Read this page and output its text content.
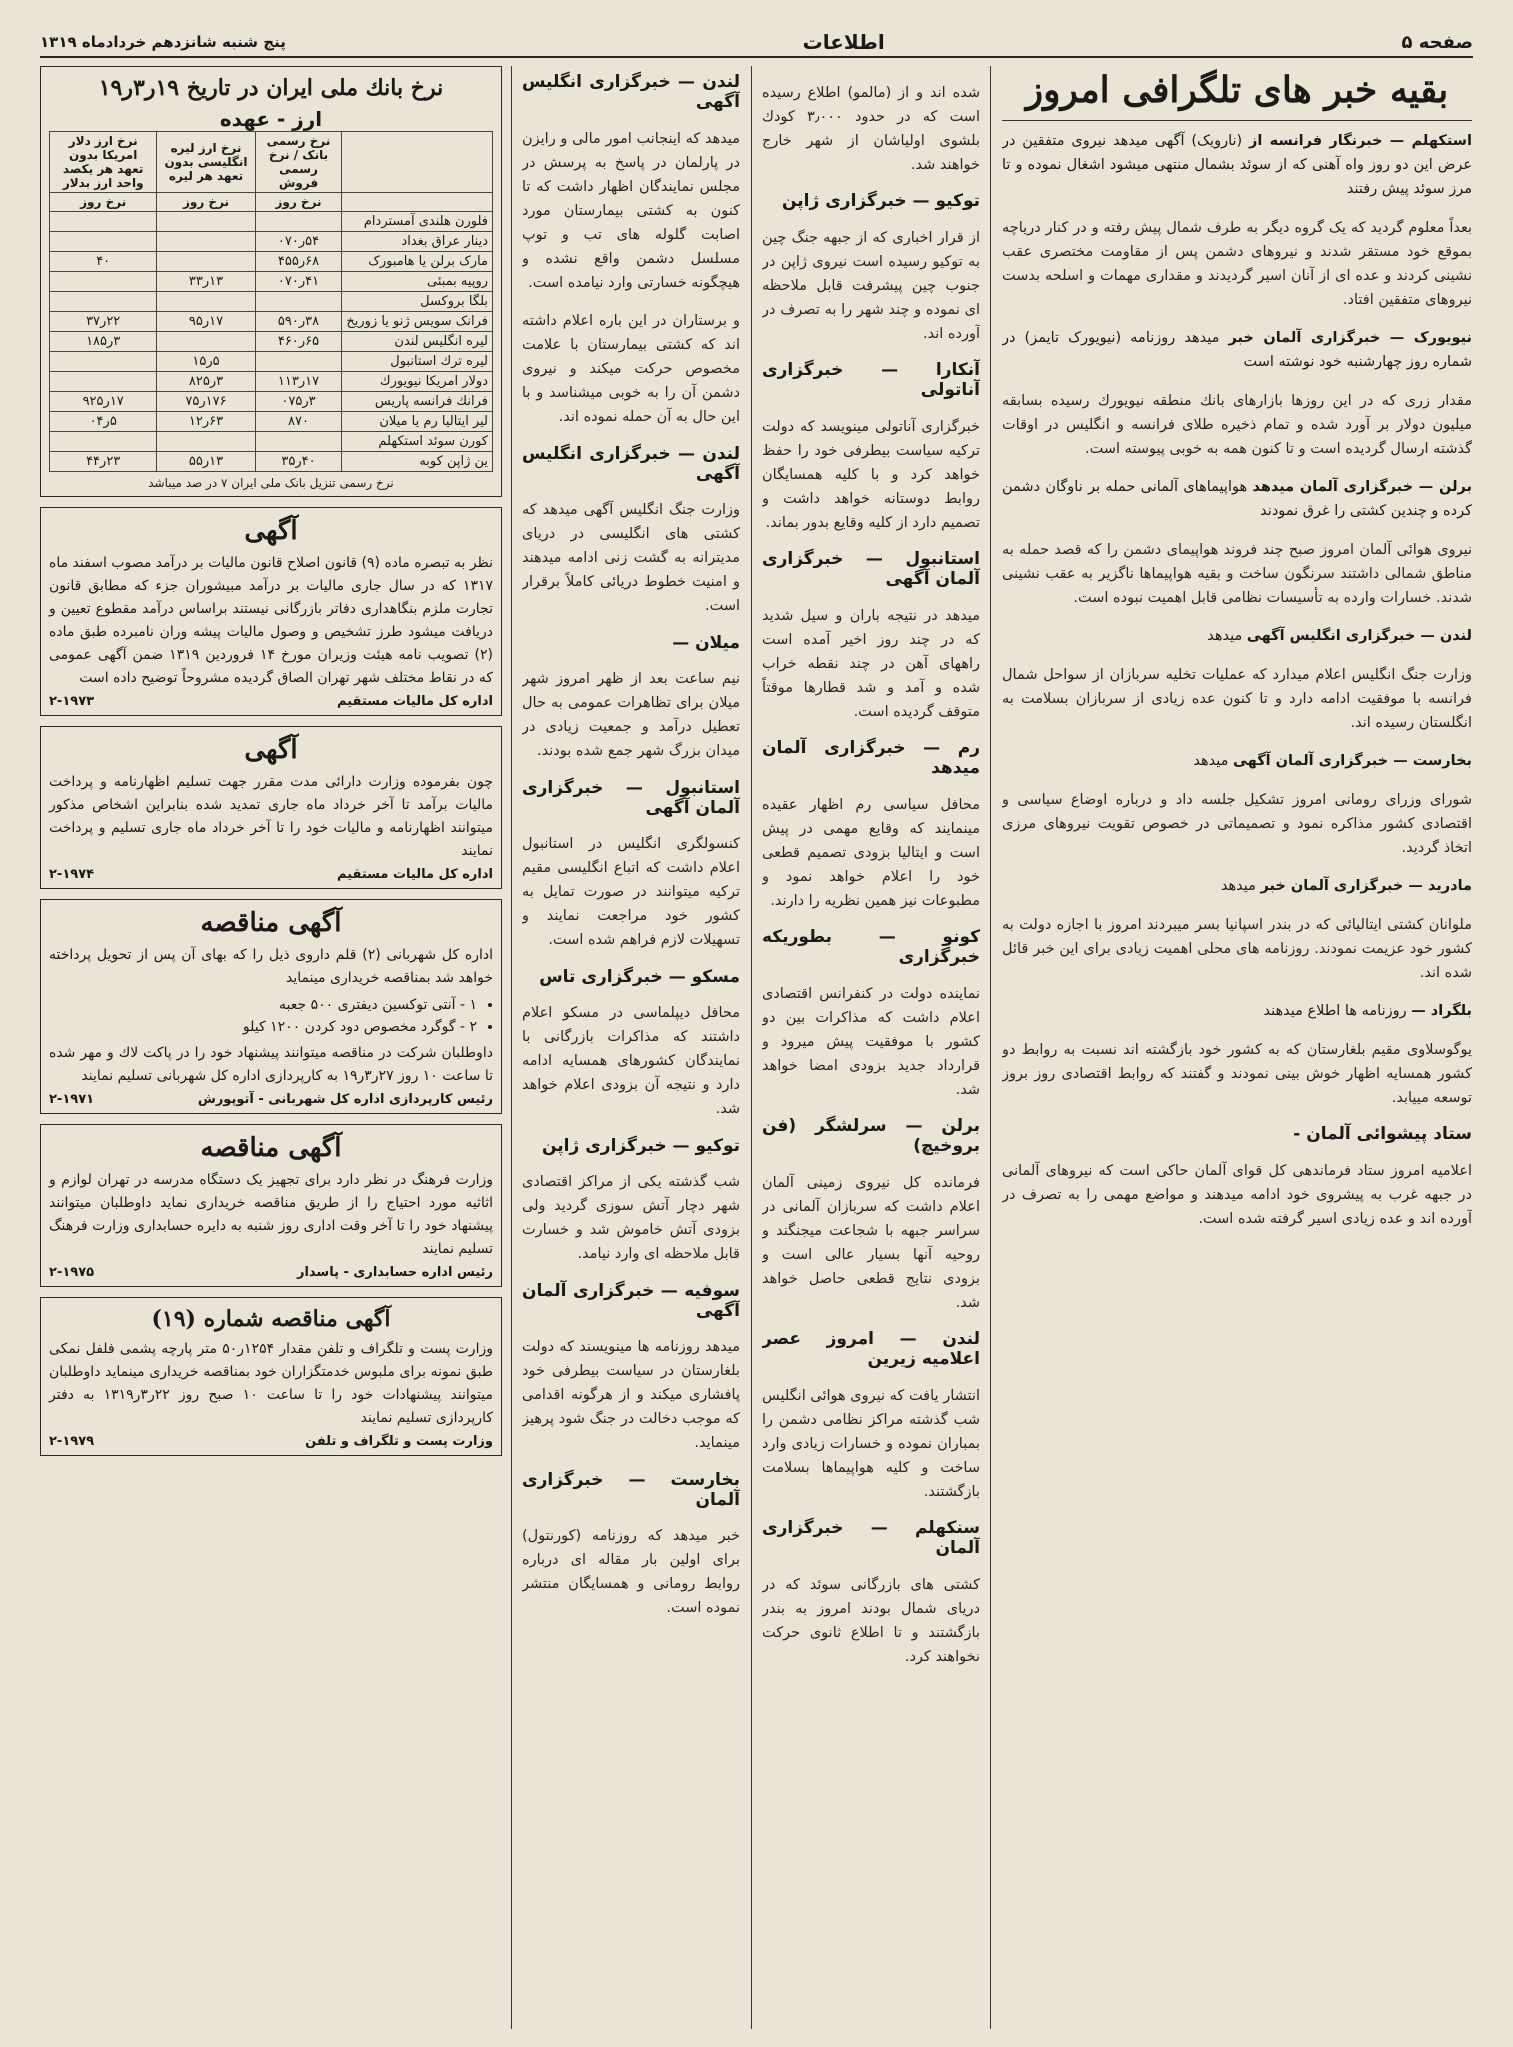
صفحه ۵
اطلاعات
پنج شنبه شانزدهم خردادماه ۱۳۱۹
بقیه خبر های تلگرافی امروز

استکهلم — خبرنگار فرانسه از (نارویک) آگهی میدهد نیروی متفقین در عرض این دو روز واه آهنی که از سوئد بشمال منتهی میشود اشغال نموده و تا مرز سوئد پیش رفتند

بعداً معلوم گردید که یک گروه دیگر به طرف شمال پیش رفته و در کنار دریاچه بموقع خود مستقر شدند و نیروهای دشمن پس از مقاومت مختصری عقب نشینی کردند و عده ای از آنان اسیر گردیدند و مقداری مهمات و اسلحه بدست نیروهای متفقین افتاد.

نیویورک — خبرگزاری آلمان خبر میدهد روزنامه (نیویورک تایمز) در شماره روز چهارشنبه خود نوشته است

مقدار زری که در این روزها بازارهای بانك منطقه نیویورك رسیده بسابقه میلیون دولار بر آورد شده و تمام ذخیره طلای فرانسه و انگلیس در اوقات گذشته ارسال گردیده است و تا کنون همه به خوبی پیوسته است.

برلن — خبرگزاری آلمان میدهد هواپیماهای آلمانی حمله بر ناوگان دشمن کرده و چندین کشتی را غرق نمودند

نیروی هوائی آلمان امروز صبح چند فروند هواپیمای دشمن را که قصد حمله به مناطق شمالی داشتند سرنگون ساخت و بقیه هواپیماها ناگزیر به عقب نشینی شدند. خسارات وارده به تأسیسات نظامی قابل اهمیت نبوده است.

لندن — خبرگزاری انگلیس آگهی میدهد

وزارت جنگ انگلیس اعلام میدارد که عملیات تخلیه سربازان از سواحل شمال فرانسه با موفقیت ادامه دارد و تا کنون عده زیادی از سربازان بسلامت به انگلستان رسیده اند.

بخارست — خبرگزاری آلمان آگهی میدهد

شورای وزرای رومانی امروز تشکیل جلسه داد و درباره اوضاع سیاسی و اقتصادی کشور مذاکره نمود و تصمیماتی در خصوص تقویت نیروهای مرزی اتخاذ گردید.

مادرید — خبرگزاری آلمان خبر میدهد

ملوانان کشتی ایتالیائی که در بندر اسپانیا بسر میبردند امروز با اجازه دولت به کشور خود عزیمت نمودند. روزنامه های محلی اهمیت زیادی برای این خبر قائل شده اند.

بلگراد — روزنامه ها اطلاع میدهند

یوگوسلاوی مقیم بلغارستان که به کشور خود بازگشته اند نسبت به روابط دو کشور همسایه اظهار خوش بینی نمودند و گفتند که روابط اقتصادی روز بروز توسعه مییابد.

ستاد پیشوائی آلمان -

اعلامیه امروز ستاد فرماندهی کل قوای آلمان حاکی است که نیروهای آلمانی در جبهه غرب به پیشروی خود ادامه میدهند و مواضع مهمی را به تصرف در آورده اند و عده زیادی اسیر گرفته شده است.

شده اند و از (مالمو) اطلاع رسیده است که در حدود ۳٫۰۰۰ کودك بلشوی اولیاشان از شهر خارج خواهند شد.

توکیو — خبرگزاری ژاپن

از قرار اخباری که از جبهه جنگ چین به توکیو رسیده است نیروی ژاپن در جنوب چین پیشرفت قابل ملاحظه ای نموده و چند شهر را به تصرف در آورده اند.

آنکارا — خبرگزاری آناتولی

خبرگزاری آناتولی مینویسد که دولت ترکیه سیاست بیطرفی خود را حفظ خواهد کرد و با کلیه همسایگان روابط دوستانه خواهد داشت و تصمیم دارد از کلیه وقایع بدور بماند.

استانبول — خبرگزاری آلمان آگهی

میدهد در نتیجه باران و سیل شدید که در چند روز اخیر آمده است راههای آهن در چند نقطه خراب شده و آمد و شد قطارها موقتاً متوقف گردیده است.

رم — خبرگزاری آلمان میدهد

محافل سیاسی رم اظهار عقیده مینمایند که وقایع مهمی در پیش است و ایتالیا بزودی تصمیم قطعی خود را اعلام خواهد نمود و مطبوعات نیز همین نظریه را دارند.

کونو — بطوریکه خبرگزاری

نماینده دولت در کنفرانس اقتصادی اعلام داشت که مذاکرات بین دو کشور با موفقیت پیش میرود و قرارداد جدید بزودی امضا خواهد شد.

برلن — سرلشگر (فن بروخیچ)

فرمانده کل نیروی زمینی آلمان اعلام داشت که سربازان آلمانی در سراسر جبهه با شجاعت میجنگند و روحیه آنها بسیار عالی است و بزودی نتایج قطعی حاصل خواهد شد.

لندن — امروز عصر اعلامیه زیرین

انتشار یافت که نیروی هوائی انگلیس شب گذشته مراکز نظامی دشمن را بمباران نموده و خسارات زیادی وارد ساخت و کلیه هواپیماها بسلامت بازگشتند.

سنکهلم — خبرگزاری آلمان

کشتی های بازرگانی سوئد که در دریای شمال بودند امروز به بندر بازگشتند و تا اطلاع ثانوی حرکت نخواهند کرد.

لندن — خبرگزاری انگلیس آگهی

میدهد که اینجانب امور مالی و رایزن در پارلمان در پاسخ به پرسش در مجلس نمایندگان اظهار داشت که تا کنون به کشتی بیمارستان مورد اصابت گلوله های تب و توپ مسلسل دشمن واقع نشده و هیچگونه خسارتی وارد نیامده است.

و برستاران در این باره اعلام داشته اند که کشتی بیمارستان با علامت مخصوص حرکت میکند و نیروی دشمن آن را به خوبی میشناسد و با این حال به آن حمله نموده اند.

لندن — خبرگزاری انگلیس آگهی

وزارت جنگ انگلیس آگهی میدهد که کشتی های انگلیسی در دریای مدیترانه به گشت زنی ادامه میدهند و امنیت خطوط دریائی کاملاً برقرار است.

میلان —

نیم ساعت بعد از ظهر امروز شهر میلان برای تظاهرات عمومی به حال تعطیل درآمد و جمعیت زیادی در میدان بزرگ شهر جمع شده بودند.

استانبول — خبرگزاری آلمان آگهی

کنسولگری انگلیس در استانبول اعلام داشت که اتباع انگلیسی مقیم ترکیه میتوانند در صورت تمایل به کشور خود مراجعت نمایند و تسهیلات لازم فراهم شده است.

مسکو — خبرگزاری تاس

محافل دیپلماسی در مسکو اعلام داشتند که مذاکرات بازرگانی با نمایندگان کشورهای همسایه ادامه دارد و نتیجه آن بزودی اعلام خواهد شد.

توکیو — خبرگزاری ژاپن

شب گذشته یکی از مراکز اقتصادی شهر دچار آتش سوزی گردید ولی بزودی آتش خاموش شد و خسارت قابل ملاحظه ای وارد نیامد.

سوفیه — خبرگزاری آلمان آگهی

میدهد روزنامه ها مینویسند که دولت بلغارستان در سیاست بیطرفی خود پافشاری میکند و از هرگونه اقدامی که موجب دخالت در جنگ شود پرهیز مینماید.

بخارست — خبرگزاری آلمان

خبر میدهد که روزنامه (کورنتول) برای اولین بار مقاله ای درباره روابط رومانی و همسایگان منتشر نموده است.

نرخ بانك ملی ایران در تاریخ ۱۹ر۳ر۱۹
ارز - عهده
	نرخ رسمی بانک / نرخ رسمی فروش	نرخ ارز لیره انگلیسی بدون تعهد هر لیره	نرخ ارز دلار امریکا بدون تعهد هر یکصد واحد ارز بدلار
	نرخ روز	نرخ روز	نرخ روز
فلورن هلندی آمستردام			
دینار عراق بغداد	۵۴ر۰۷۰		
مارک برلن یا هامبورک	۶۸ر۴۵۵		۴۰
روپیه بمبئی	۴۱ر۰۷۰	۱۳ر۳۳	
بلگا بروکسل			
فرانک سویس ژنو یا زوریخ	۳۸ر۵۹۰	۱۷ر۹۵	۲۲ر۳۷
لیره انگلیس لندن	۶۵ر۴۶۰		۳ر۱۸۵
لیره ترك استانبول		۵ر۱۵	
دولار امریکا نیویورك	۱۷ر۱۱۳	۳ر۸۲۵	
فرانك فرانسه پاریس	۳ر۰۷۵	۱۷۶ر۷۵	۱۷ر۹۲۵
لیر ایتالیا رم یا میلان	۸۷۰	۶۳ر۱۲	۵ر۰۴
کورن سوئد استکهلم			
ین ژاپن کوبه	۴۰ر۳۵	۱۳ر۵۵	۲۳ر۴۴
نرخ رسمی تنزیل بانک ملی ایران ۷ در صد میباشد
آگهی
نظر به تبصره ماده (۹) قانون اصلاح قانون مالیات بر درآمد مصوب اسفند ماه ۱۳۱۷ که در سال جاری مالیات بر درآمد مبیشوران جزء که مطابق قانون تجارت ملزم بنگاهداری دفاتر بازرگانی نیستند براساس درآمد مقطوع تعیین و دریافت میشود طرز تشخیص و وصول مالیات پیشه وران نامبرده طبق ماده (۲) تصویب نامه هیئت وزیران مورخ ۱۴ فروردین ۱۳۱۹ ضمن آگهی عمومی که در نقاط مختلف شهر تهران الصاق گردیده مشروحاً توضیح داده است
اداره کل مالیات مستقیم
۲-۱۹۷۳
آگهی
چون بفرموده وزارت دارائی مدت مقرر جهت تسلیم اظهارنامه و پرداخت مالیات برآمد تا آخر خرداد ماه جاری تمدید شده بنابراین اشخاص مذکور میتوانند اظهارنامه و مالیات خود را تا آخر خرداد ماه جاری تسلیم و پرداخت نمایند
اداره کل مالیات مستقیم
۲-۱۹۷۴
آگهی مناقصه
اداره کل شهربانی (۲) قلم داروی ذیل را که بهای آن پس از تحویل پرداخته خواهد شد بمناقصه خریداری مینماید
• ۱ - آنتی توکسین دیفتری ۵۰۰ جعبه
• ۲ - گوگرد مخصوص دود کردن ۱۲۰۰ کیلو
داوطلبان شرکت در مناقصه میتوانند پیشنهاد خود را در پاکت لاك و مهر شده تا ساعت ۱۰ روز ۲۷ر۳ر۱۹ به کارپردازی اداره کل شهربانی تسلیم نمایند
رئیس کارپردازی اداره کل شهربانی - آتوپورش
۲-۱۹۷۱
آگهی مناقصه
وزارت فرهنگ در نظر دارد برای تجهیز یک دستگاه مدرسه در تهران لوازم و اثاثیه مورد احتیاج را از طریق مناقصه خریداری نماید داوطلبان میتوانند پیشنهاد خود را تا آخر وقت اداری روز شنبه به دایره حسابداری وزارت فرهنگ تسلیم نمایند
رئیس اداره حسابداری - پاسدار
۲-۱۹۷۵
آگهی مناقصه شماره (۱۹)
وزارت پست و تلگراف و تلفن مقدار ۱۲۵۴ر۵۰ متر پارچه پشمی فلفل نمکی طبق نمونه برای ملبوس خدمتگزاران خود بمناقصه خریداری مینماید داوطلبان میتوانند پیشنهادات خود را تا ساعت ۱۰ صبح روز ۲۲ر۳ر۱۳۱۹ به دفتر کارپردازی تسلیم نمایند
وزارت پست و تلگراف و تلفن
۲-۱۹۷۹
